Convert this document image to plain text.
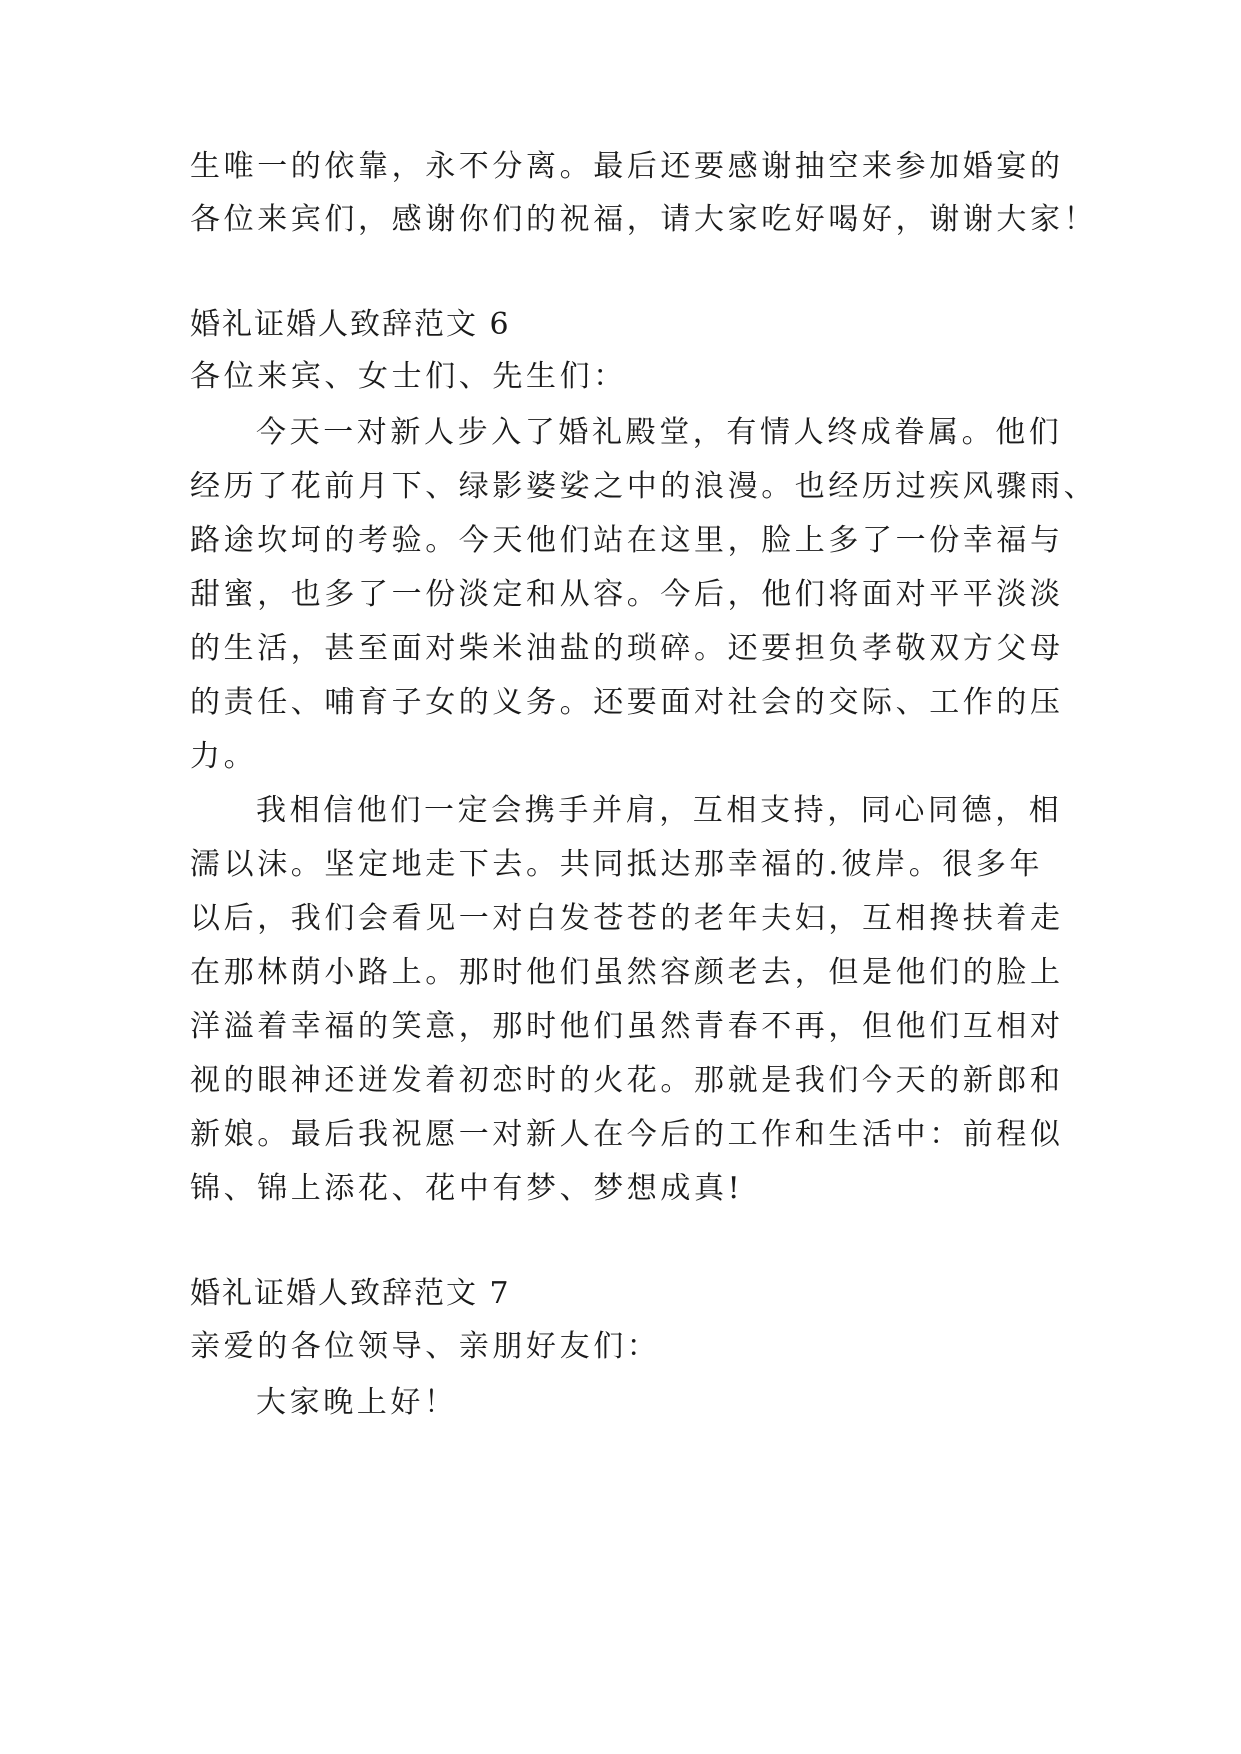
生唯一的依靠，永不分离。最后还要感谢抽空来参加婚宴的
各位来宾们，感谢你们的祝福，请大家吃好喝好，谢谢大家！
婚礼证婚人致辞范文 6
各位来宾、女士们、先生们：
今天一对新人步入了婚礼殿堂，有情人终成眷属。他们
经历了花前月下、绿影婆娑之中的浪漫。也经历过疾风骤雨、
路途坎坷的考验。今天他们站在这里，脸上多了一份幸福与
甜蜜，也多了一份淡定和从容。今后，他们将面对平平淡淡
的生活，甚至面对柴米油盐的琐碎。还要担负孝敬双方父母
的责任、哺育子女的义务。还要面对社会的交际、工作的压
力。
我相信他们一定会携手并肩，互相支持，同心同德，相
濡以沫。坚定地走下去。共同抵达那幸福的.彼岸。很多年
以后，我们会看见一对白发苍苍的老年夫妇，互相搀扶着走
在那林荫小路上。那时他们虽然容颜老去，但是他们的脸上
洋溢着幸福的笑意，那时他们虽然青春不再，但他们互相对
视的眼神还迸发着初恋时的火花。那就是我们今天的新郎和
新娘。最后我祝愿一对新人在今后的工作和生活中：前程似
锦、锦上添花、花中有梦、梦想成真!
婚礼证婚人致辞范文 7
亲爱的各位领导、亲朋好友们：
大家晚上好！
